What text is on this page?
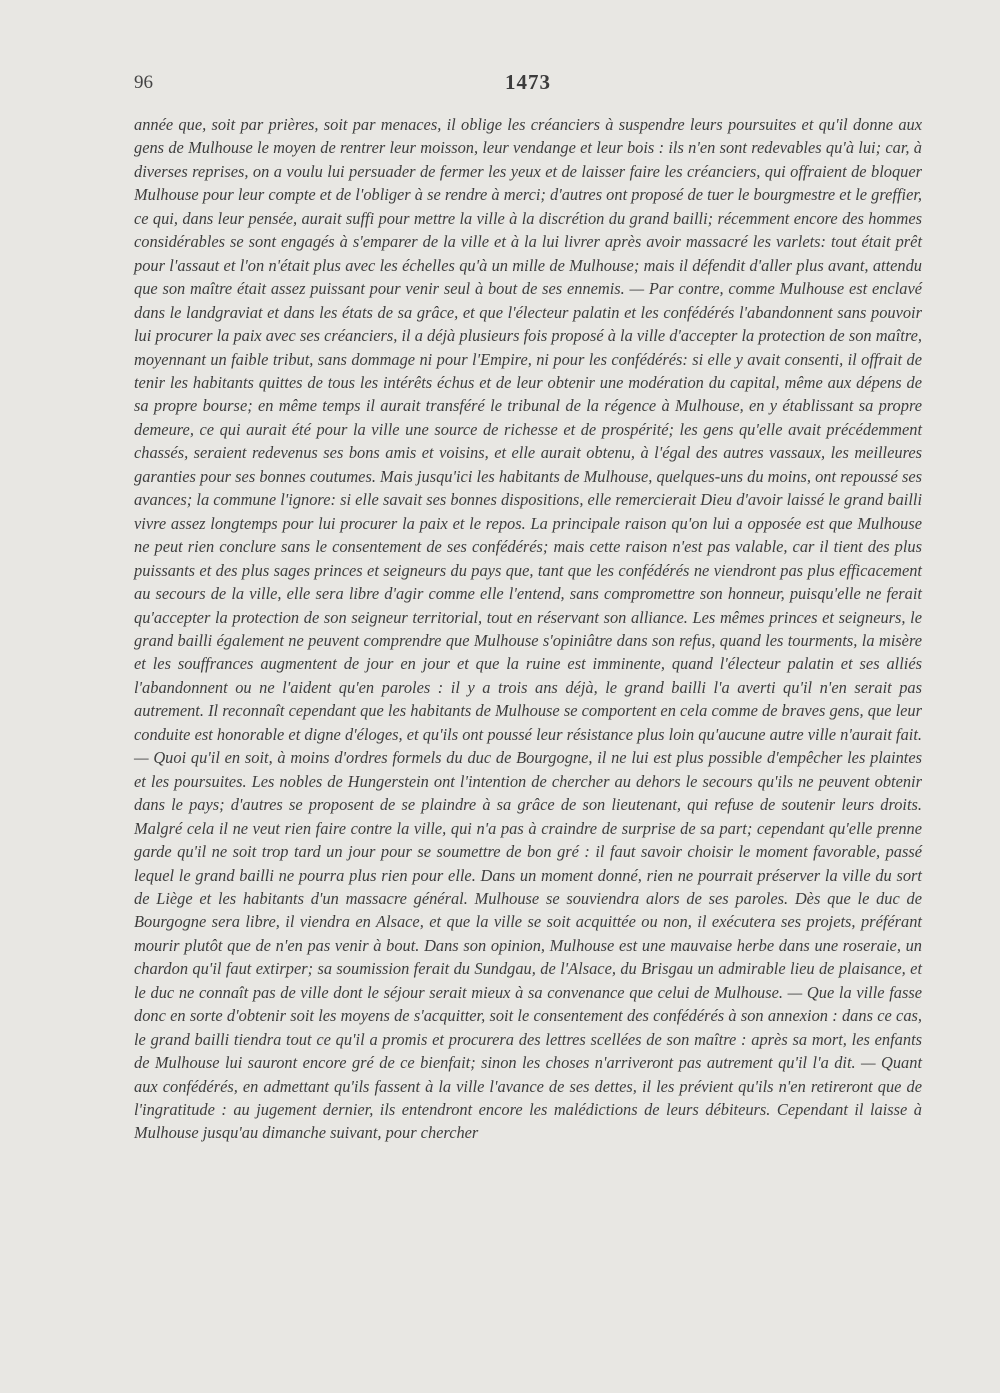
96	1473

année que, soit par prières, soit par menaces, il oblige les créanciers à suspendre leurs poursuites et qu'il donne aux gens de Mulhouse le moyen de rentrer leur moisson, leur vendange et leur bois : ils n'en sont redevables qu'à lui; car, à diverses reprises, on a voulu lui persuader de fermer les yeux et de laisser faire les créanciers, qui offraient de bloquer Mulhouse pour leur compte et de l'obliger à se rendre à merci; d'autres ont proposé de tuer le bourgmestre et le greffier, ce qui, dans leur pensée, aurait suffi pour mettre la ville à la discrétion du grand bailli; récemment encore des hommes considérables se sont engagés à s'emparer de la ville et à la lui livrer après avoir massacré les varlets: tout était prêt pour l'assaut et l'on n'était plus avec les échelles qu'à un mille de Mulhouse; mais il défendit d'aller plus avant, attendu que son maître était assez puissant pour venir seul à bout de ses ennemis. — Par contre, comme Mulhouse est enclavé dans le landgraviat et dans les états de sa grâce, et que l'électeur palatin et les confédérés l'abandonnent sans pouvoir lui procurer la paix avec ses créanciers, il a déjà plusieurs fois proposé à la ville d'accepter la protection de son maître, moyennant un faible tribut, sans dommage ni pour l'Empire, ni pour les confédérés: si elle y avait consenti, il offrait de tenir les habitants quittes de tous les intérêts échus et de leur obtenir une modération du capital, même aux dépens de sa propre bourse; en même temps il aurait transféré le tribunal de la régence à Mulhouse, en y établissant sa propre demeure, ce qui aurait été pour la ville une source de richesse et de prospérité; les gens qu'elle avait précédemment chassés, seraient redevenus ses bons amis et voisins, et elle aurait obtenu, à l'égal des autres vassaux, les meilleures garanties pour ses bonnes coutumes. Mais jusqu'ici les habitants de Mulhouse, quelques-uns du moins, ont repoussé ses avances; la commune l'ignore: si elle savait ses bonnes dispositions, elle remercierait Dieu d'avoir laissé le grand bailli vivre assez longtemps pour lui procurer la paix et le repos. La principale raison qu'on lui a opposée est que Mulhouse ne peut rien conclure sans le consentement de ses confédérés; mais cette raison n'est pas valable, car il tient des plus puissants et des plus sages princes et seigneurs du pays que, tant que les confédérés ne viendront pas plus efficacement au secours de la ville, elle sera libre d'agir comme elle l'entend, sans compromettre son honneur, puisqu'elle ne ferait qu'accepter la protection de son seigneur territorial, tout en réservant son alliance. Les mêmes princes et seigneurs, le grand bailli également ne peuvent comprendre que Mulhouse s'opiniâtre dans son refus, quand les tourments, la misère et les souffrances augmentent de jour en jour et que la ruine est imminente, quand l'électeur palatin et ses alliés l'abandonnent ou ne l'aident qu'en paroles : il y a trois ans déjà, le grand bailli l'a averti qu'il n'en serait pas autrement. Il reconnaît cependant que les habitants de Mulhouse se comportent en cela comme de braves gens, que leur conduite est honorable et digne d'éloges, et qu'ils ont poussé leur résistance plus loin qu'aucune autre ville n'aurait fait. — Quoi qu'il en soit, à moins d'ordres formels du duc de Bourgogne, il ne lui est plus possible d'empêcher les plaintes et les poursuites. Les nobles de Hungerstein ont l'intention de chercher au dehors le secours qu'ils ne peuvent obtenir dans le pays; d'autres se proposent de se plaindre à sa grâce de son lieutenant, qui refuse de soutenir leurs droits. Malgré cela il ne veut rien faire contre la ville, qui n'a pas à craindre de surprise de sa part; cependant qu'elle prenne garde qu'il ne soit trop tard un jour pour se soumettre de bon gré : il faut savoir choisir le moment favorable, passé lequel le grand bailli ne pourra plus rien pour elle. Dans un moment donné, rien ne pourrait préserver la ville du sort de Liège et les habitants d'un massacre général. Mulhouse se souviendra alors de ses paroles. Dès que le duc de Bourgogne sera libre, il viendra en Alsace, et que la ville se soit acquittée ou non, il exécutera ses projets, préférant mourir plutôt que de n'en pas venir à bout. Dans son opinion, Mulhouse est une mauvaise herbe dans une roseraie, un chardon qu'il faut extirper; sa soumission ferait du Sundgau, de l'Alsace, du Brisgau un admirable lieu de plaisance, et le duc ne connaît pas de ville dont le séjour serait mieux à sa convenance que celui de Mulhouse. — Que la ville fasse donc en sorte d'obtenir soit les moyens de s'acquitter, soit le consentement des confédérés à son annexion : dans ce cas, le grand bailli tiendra tout ce qu'il a promis et procurera des lettres scellées de son maître : après sa mort, les enfants de Mulhouse lui sauront encore gré de ce bienfait; sinon les choses n'arriveront pas autrement qu'il l'a dit. — Quant aux confédérés, en admettant qu'ils fassent à la ville l'avance de ses dettes, il les prévient qu'ils n'en retireront que de l'ingratitude : au jugement dernier, ils entendront encore les malédictions de leurs débiteurs. Cependant il laisse à Mulhouse jusqu'au dimanche suivant, pour chercher
